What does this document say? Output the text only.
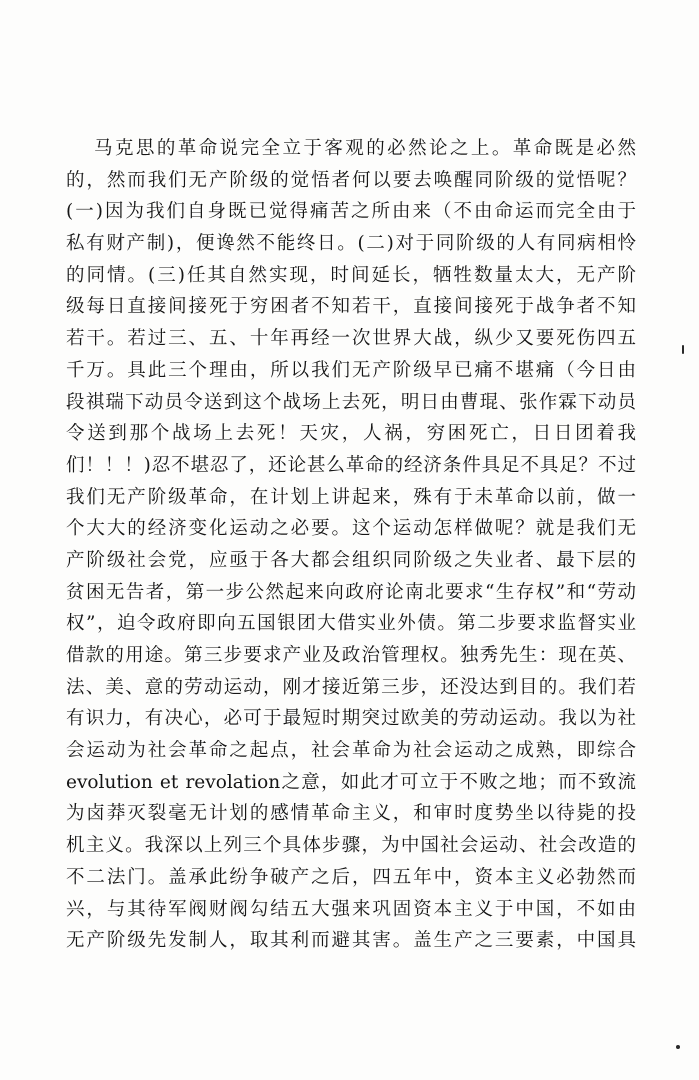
马克思的革命说完全立于客观的必然论之上。革命既是必然
的，然而我们无产阶级的觉悟者何以要去唤醒同阶级的觉悟呢？
(一)因为我们自身既已觉得痛苦之所由来（不由命运而完全由于
私有财产制)，便谗然不能终日。(二)对于同阶级的人有同病相怜
的同情。(三)任其自然实现，时间延长，牺牲数量太大，无产阶
级每日直接间接死于穷困者不知若干，直接间接死于战争者不知
若干。若过三、五、十年再经一次世界大战，纵少又要死伤四五
千万。具此三个理由，所以我们无产阶级早已痛不堪痛（今日由
段祺瑞下动员令送到这个战场上去死，明日由曹琨、张作霖下动员
令送到那个战场上去死！天灾，人祸，穷困死亡，日日团着我
们！！！)忍不堪忍了，还论甚么革命的经济条件具足不具足？不过
我们无产阶级革命，在计划上讲起来，殊有于未革命以前，做一
个大大的经济变化运动之必要。这个运动怎样做呢？就是我们无
产阶级社会党，应亟于各大都会组织同阶级之失业者、最下层的
贫困无告者，第一步公然起来向政府论南北要求“生存权”和“劳动
权”，迫令政府即向五国银团大借实业外债。第二步要求监督实业
借款的用途。第三步要求产业及政治管理权。独秀先生：现在英、
法、美、意的劳动运动，刚才接近第三步，还没达到目的。我们若
有识力，有决心，必可于最短时期突过欧美的劳动运动。我以为社
会运动为社会革命之起点，社会革命为社会运动之成熟，即综合
evolution et revolation之意，如此才可立于不败之地；而不致流
为卤莽灭裂毫无计划的感情革命主义，和审时度势坐以待毙的投
机主义。我深以上列三个具体步骤，为中国社会运动、社会改造的
不二法门。盖承此纷争破产之后，四五年中，资本主义必勃然而
兴，与其待军阀财阀勾结五大强来巩固资本主义于中国，不如由
无产阶级先发制人，取其利而避其害。盖生产之三要素，中国具
